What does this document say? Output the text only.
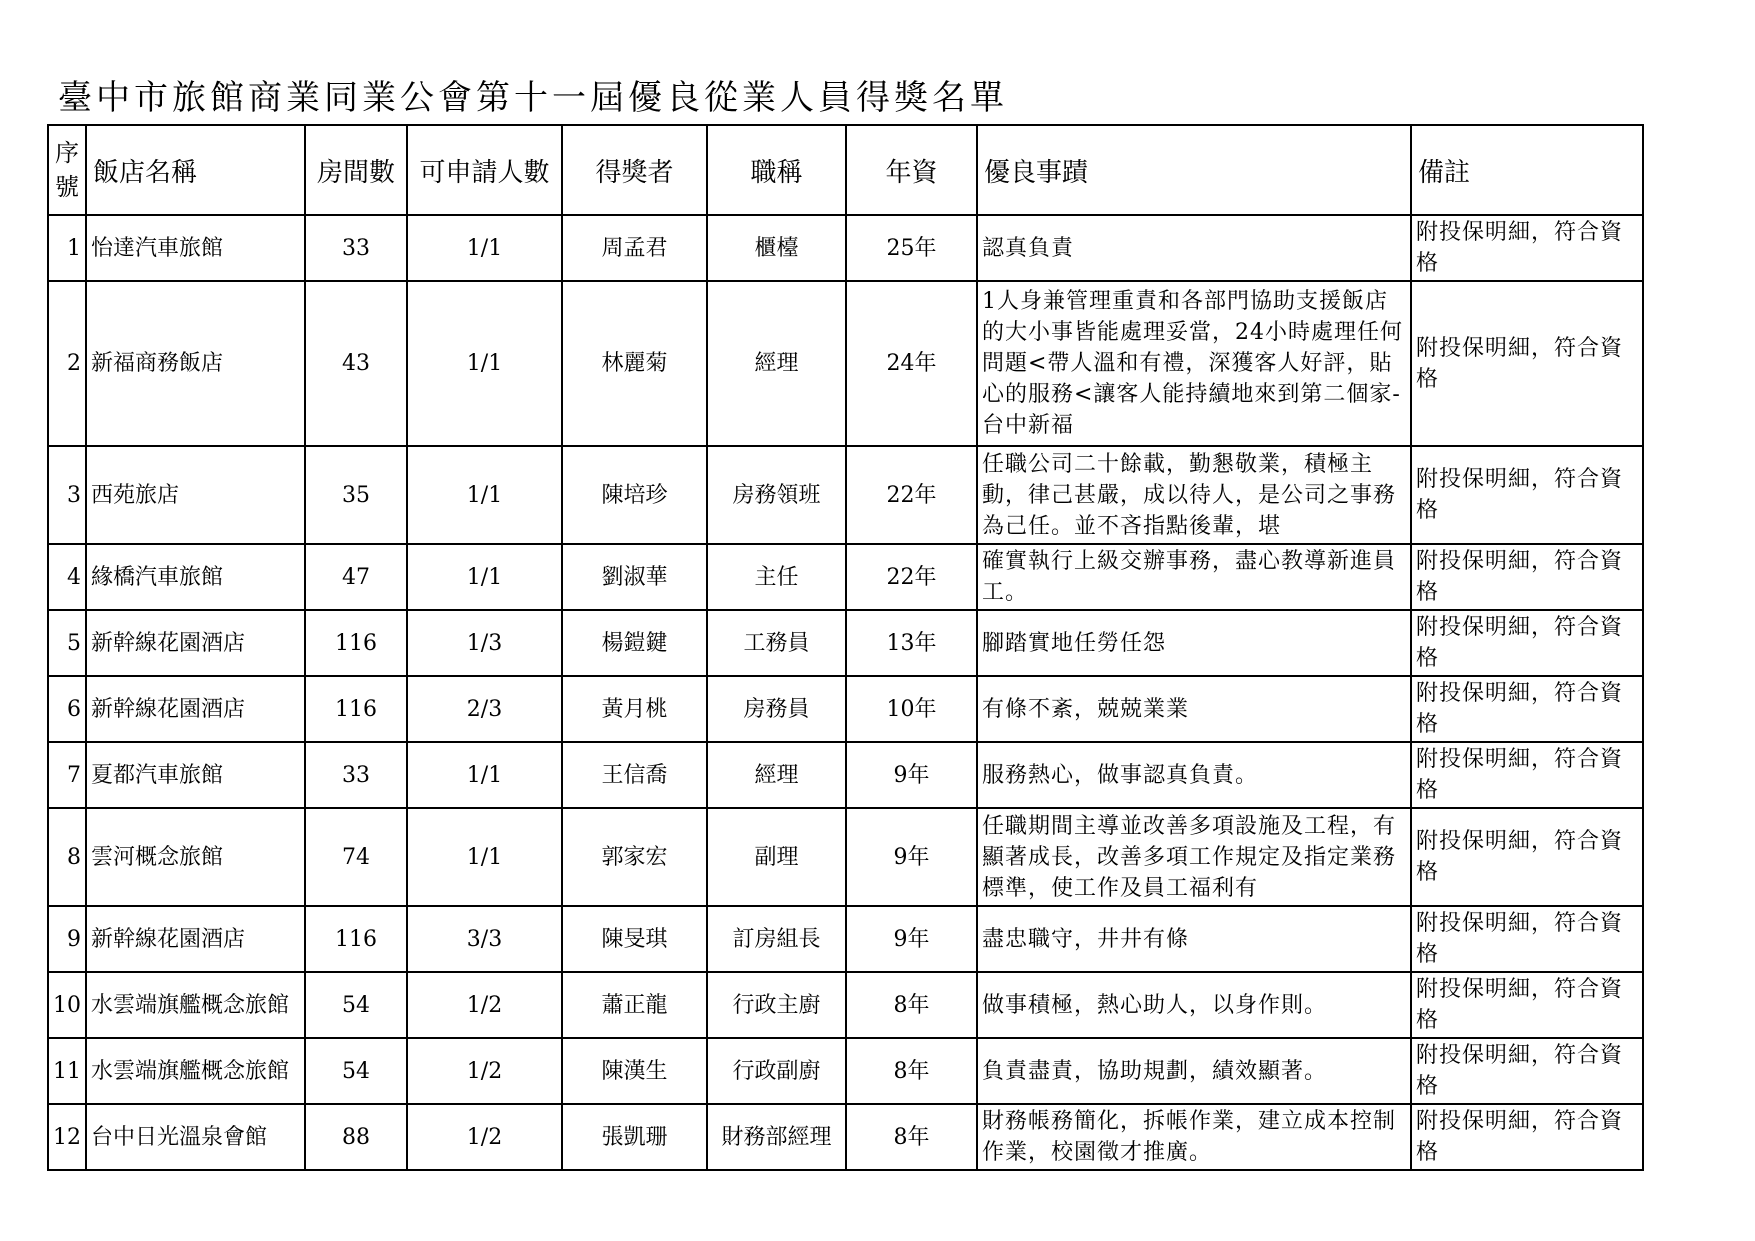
臺中市旅館商業同業公會第十一屆優良從業人員得獎名單
序號	飯店名稱	房間數	可申請人數	得獎者	職稱	年資	優良事蹟	備註

1	怡達汽車旅館	33	1/1	周孟君	櫃檯	25年	認真負責	附投保明細，符合資格

2	新福商務飯店	43	1/1	林麗菊	經理	24年	1人身兼管理重責和各部門協助支援飯店的大小事皆能處理妥當，24小時處理任何問題<帶人溫和有禮，深獲客人好評，貼心的服務<讓客人能持續地來到第二個家-台中新福	附投保明細，符合資格

3	西苑旅店	35	1/1	陳培珍	房務領班	22年	任職公司二十餘載，勤懇敬業，積極主動，律己甚嚴，成以待人，是公司之事務為己任。並不吝指點後輩，堪	附投保明細，符合資格

4	緣橋汽車旅館	47	1/1	劉淑華	主任	22年	確實執行上級交辦事務，盡心教導新進員工。	附投保明細，符合資格

5	新幹線花園酒店	116	1/3	楊鎧鍵	工務員	13年	腳踏實地任勞任怨	附投保明細，符合資格

6	新幹線花園酒店	116	2/3	黃月桃	房務員	10年	有條不紊，兢兢業業	附投保明細，符合資格

7	夏都汽車旅館	33	1/1	王信喬	經理	9年	服務熱心，做事認真負責。	附投保明細，符合資格

8	雲河概念旅館	74	1/1	郭家宏	副理	9年	任職期間主導並改善多項設施及工程，有顯著成長，改善多項工作規定及指定業務標準，使工作及員工福利有	附投保明細，符合資格

9	新幹線花園酒店	116	3/3	陳旻琪	訂房組長	9年	盡忠職守，井井有條	附投保明細，符合資格

10	水雲端旗艦概念旅館	54	1/2	蕭正龍	行政主廚	8年	做事積極，熱心助人，以身作則。	附投保明細，符合資格

11	水雲端旗艦概念旅館	54	1/2	陳漢生	行政副廚	8年	負責盡責，協助規劃，績效顯著。	附投保明細，符合資格

12	台中日光溫泉會館	88	1/2	張凱珊	財務部經理	8年	財務帳務簡化，拆帳作業，建立成本控制作業，校園徵才推廣。	附投保明細，符合資格
